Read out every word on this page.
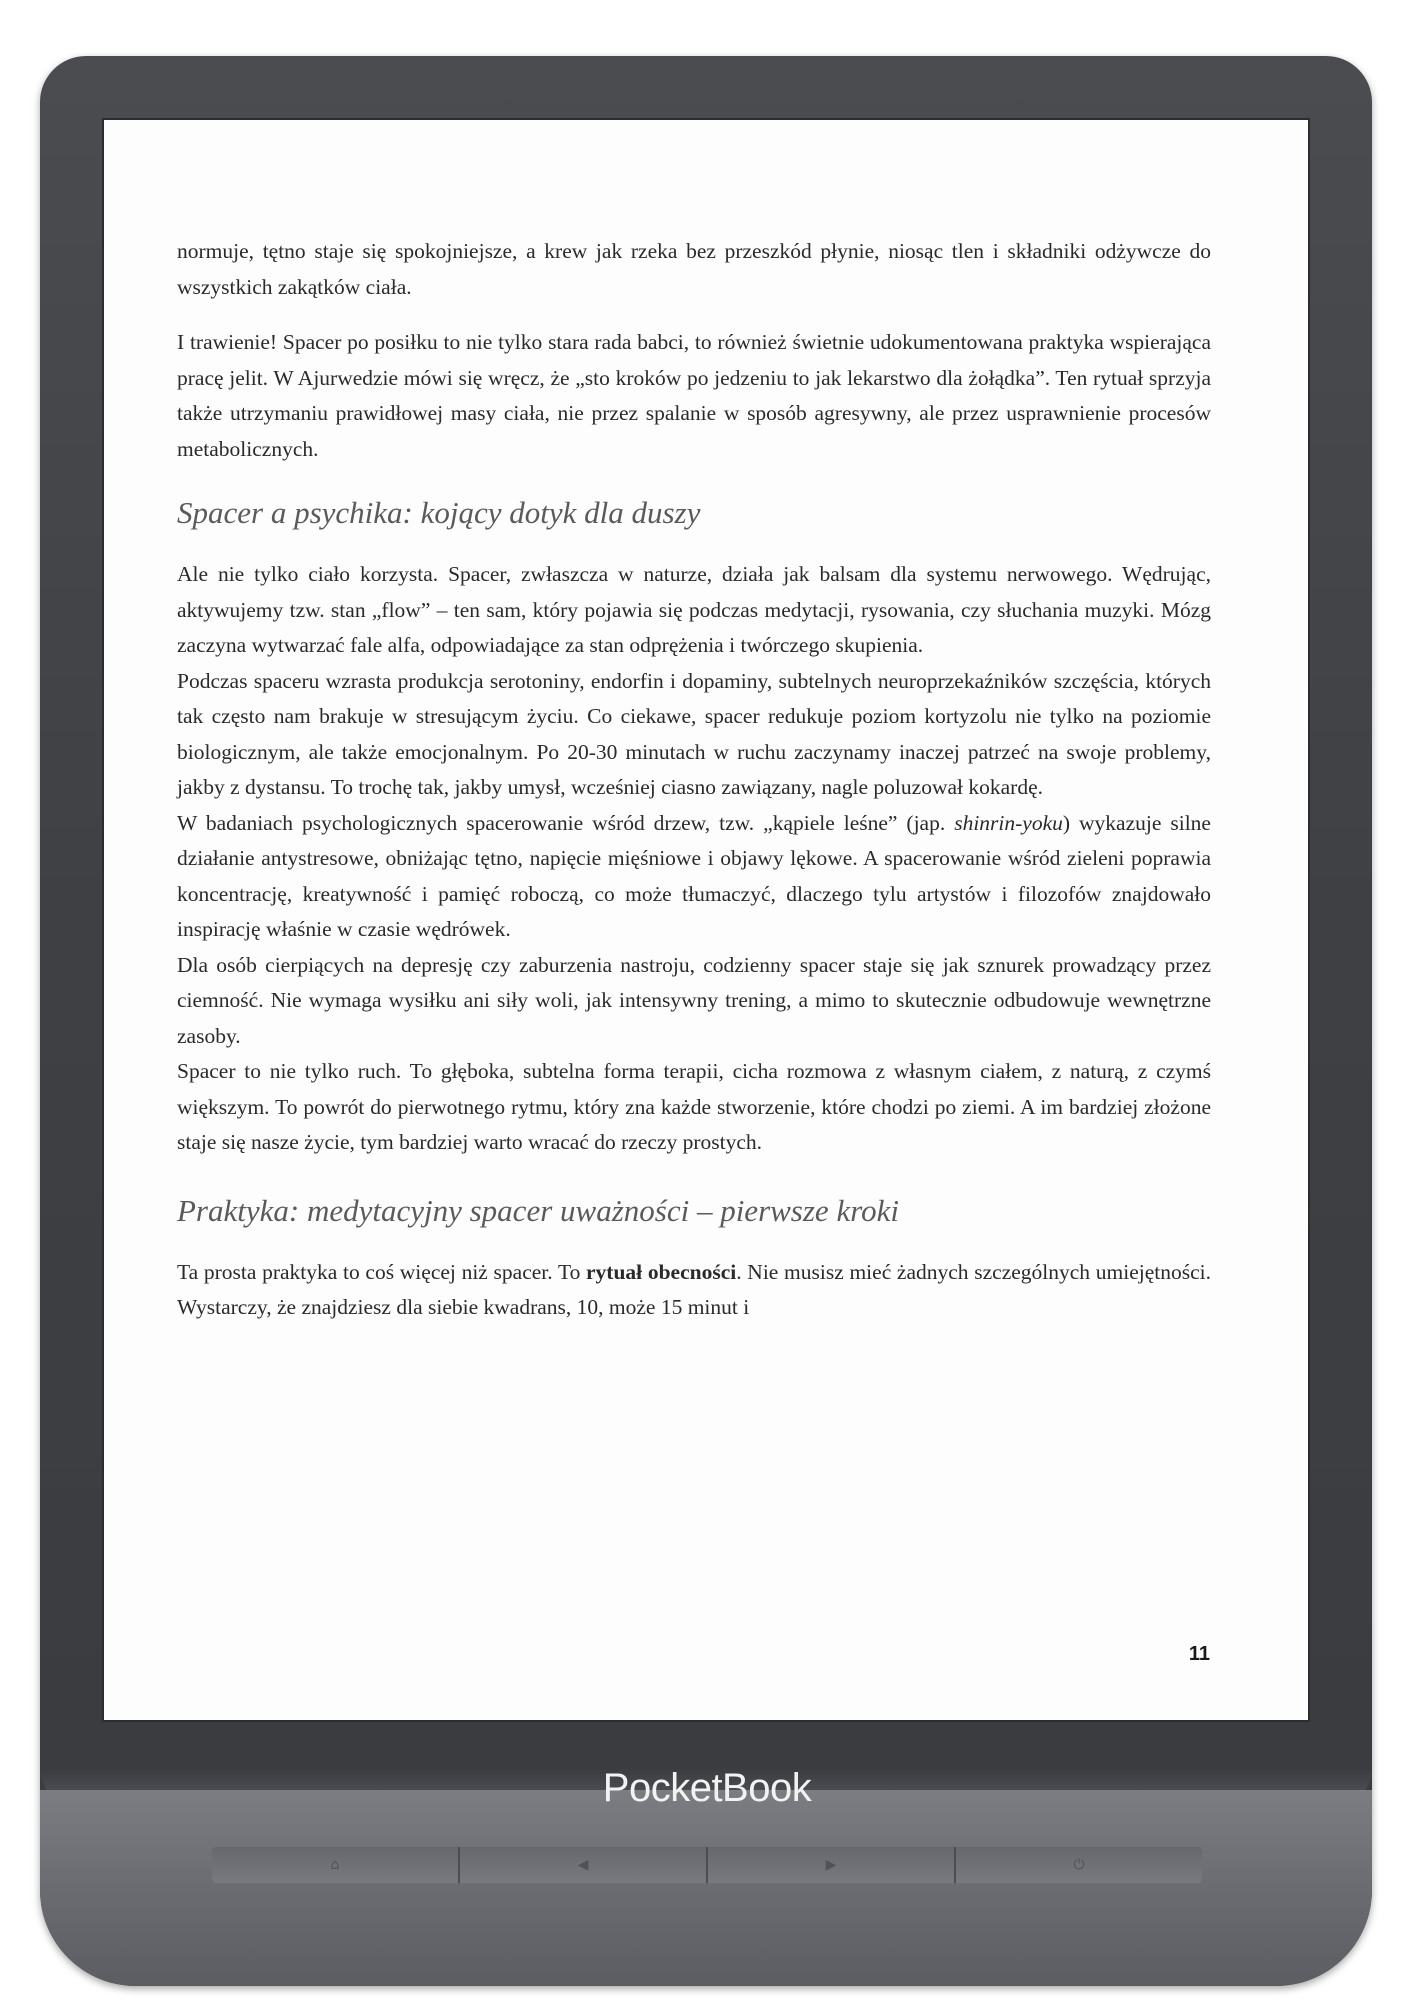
normuje, tętno staje się spokojniejsze, a krew jak rzeka bez przeszkód płynie, niosąc tlen i składniki odżywcze do wszystkich zakątków ciała.

I trawienie! Spacer po posiłku to nie tylko stara rada babci, to również świetnie udokumentowana praktyka wspierająca pracę jelit. W Ajurwedzie mówi się wręcz, że „sto kroków po jedzeniu to jak lekarstwo dla żołądka”. Ten rytuał sprzyja także utrzymaniu prawidłowej masy ciała, nie przez spalanie w sposób agresywny, ale przez usprawnienie procesów metabolicznych.

Spacer a psychika: kojący dotyk dla duszy

Ale nie tylko ciało korzysta. Spacer, zwłaszcza w naturze, działa jak balsam dla systemu nerwowego. Wędrując, aktywujemy tzw. stan „flow” – ten sam, który pojawia się podczas medytacji, rysowania, czy słuchania muzyki. Mózg zaczyna wytwarzać fale alfa, odpowiadające za stan odprężenia i twórczego skupienia.

Podczas spaceru wzrasta produkcja serotoniny, endorfin i dopaminy, subtelnych neuroprzekaźników szczęścia, których tak często nam brakuje w stresującym życiu. Co ciekawe, spacer redukuje poziom kortyzolu nie tylko na poziomie biologicznym, ale także emocjonalnym. Po 20-30 minutach w ruchu zaczynamy inaczej patrzeć na swoje problemy, jakby z dystansu. To trochę tak, jakby umysł, wcześniej ciasno zawiązany, nagle poluzował kokardę.

W badaniach psychologicznych spacerowanie wśród drzew, tzw. „kąpiele leśne” (jap. shinrin-yoku) wykazuje silne działanie antystresowe, obniżając tętno, napięcie mięśniowe i objawy lękowe. A spacerowanie wśród zieleni poprawia koncentrację, kreatywność i pamięć roboczą, co może tłumaczyć, dlaczego tylu artystów i filozofów znajdowało inspirację właśnie w czasie wędrówek.

Dla osób cierpiących na depresję czy zaburzenia nastroju, codzienny spacer staje się jak sznurek prowadzący przez ciemność. Nie wymaga wysiłku ani siły woli, jak intensywny trening, a mimo to skutecznie odbudowuje wewnętrzne zasoby.

Spacer to nie tylko ruch. To głęboka, subtelna forma terapii, cicha rozmowa z własnym ciałem, z naturą, z czymś większym. To powrót do pierwotnego rytmu, który zna każde stworzenie, które chodzi po ziemi. A im bardziej złożone staje się nasze życie, tym bardziej warto wracać do rzeczy prostych.

Praktyka: medytacyjny spacer uważności – pierwsze kroki

Ta prosta praktyka to coś więcej niż spacer. To rytuał obecności. Nie musisz mieć żadnych szczególnych umiejętności. Wystarczy, że znajdziesz dla siebie kwadrans, 10, może 15 minut i

11
PocketBook
⌂	◀	▶	⏻
